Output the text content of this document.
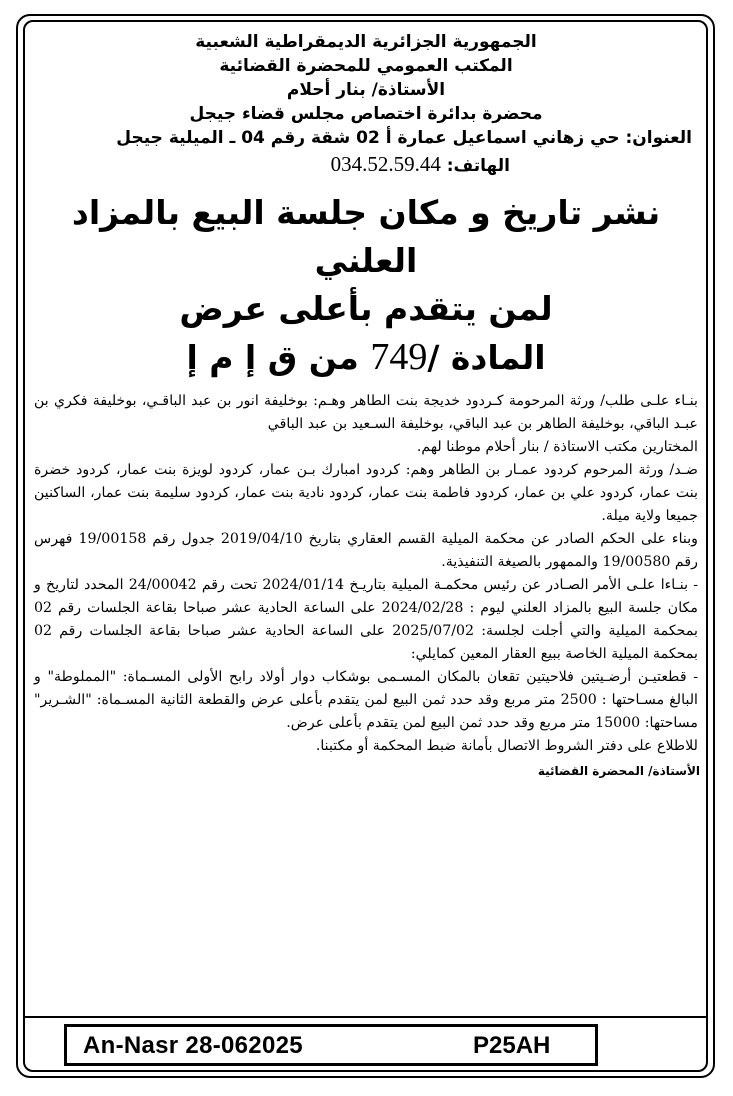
الجمهورية الجزائرية الديمقراطية الشعبية

المكتب العمومي للمحضرة القضائية

الأستاذة/ بنار أحلام

محضرة بدائرة اختصاص مجلس قضاء جيجل

العنوان: حي زهاني اسماعيل عمارة أ 02 شقة رقم 04 ـ الميلية جيجل

الهاتف: 034.52.59.44

نشر تاريخ و مكان جلسة البيع بالمزاد العلني

لمن يتقدم بأعلى عرض

المادة /749 من ق إ م إ

بنـاء علـى طلب/ ورثة المرحومة كـردود خديجة بنت الطاهر وهـم: بوخليفة انور بن عبد الباقـي، بوخليفة فكري بن عبـد الباقي، بوخليفة الطاهر بن عبد الباقي، بوخليفة السـعيد بن عبد الباقي

المختارين مكتب الاستاذة / بنار أحلام موطنا لهم.

ضـد/ ورثة المرحوم كردود عمـار بن الطاهر وهم: كردود امبارك بـن عمار، كردود لويزة بنت عمار، كردود خضرة بنت عمار، كردود علي بن عمار، كردود فاطمة بنت عمار، كردود نادية بنت عمار، كردود سليمة بنت عمار، الساكنين جميعا ولاية ميلة.

وبناء على الحكم الصادر عن محكمة الميلية القسم العقاري بتاريخ 2019/04/10 جدول رقم 19/00158 فهرس رقم 19/00580 والممهور بالصيغة التنفيذية.

- بنـاءا علـى الأمر الصـادر عن رئيس محكمـة الميلية بتاريـخ 2024/01/14 تحت رقم 24/00042 المحدد لتاريخ و مكان جلسة البيع بالمزاد العلني ليوم : 2024/02/28 على الساعة الحادية عشر صباحا بقاعة الجلسات رقم 02 بمحكمة الميلية والتي أجلت لجلسة: 2025/07/02 على الساعة الحادية عشر صباحا بقاعة الجلسات رقم 02 بمحكمة الميلية الخاصة ببيع العقار المعين كمايلي:

- قطعتيـن أرضـيتين فلاحيتين تقعان بالمكان المسـمى بوشكاب دوار أولاد رابح الأولى المسـماة: "المملوطة" و البالغ مسـاحتها : 2500 متر مربع وقد حدد ثمن البيع لمن يتقدم بأعلى عرض والقطعة الثانية المسـماة: "الشـرير" مساحتها: 15000 متر مربع وقد حدد ثمن البيع لمن يتقدم بأعلى عرض.

للاطلاع على دفتر الشروط الاتصال بأمانة ضبط المحكمة أو مكتبنا.

الأستاذة/ المحضرة القضائية

An-Nasr 28-062025	P25AH
